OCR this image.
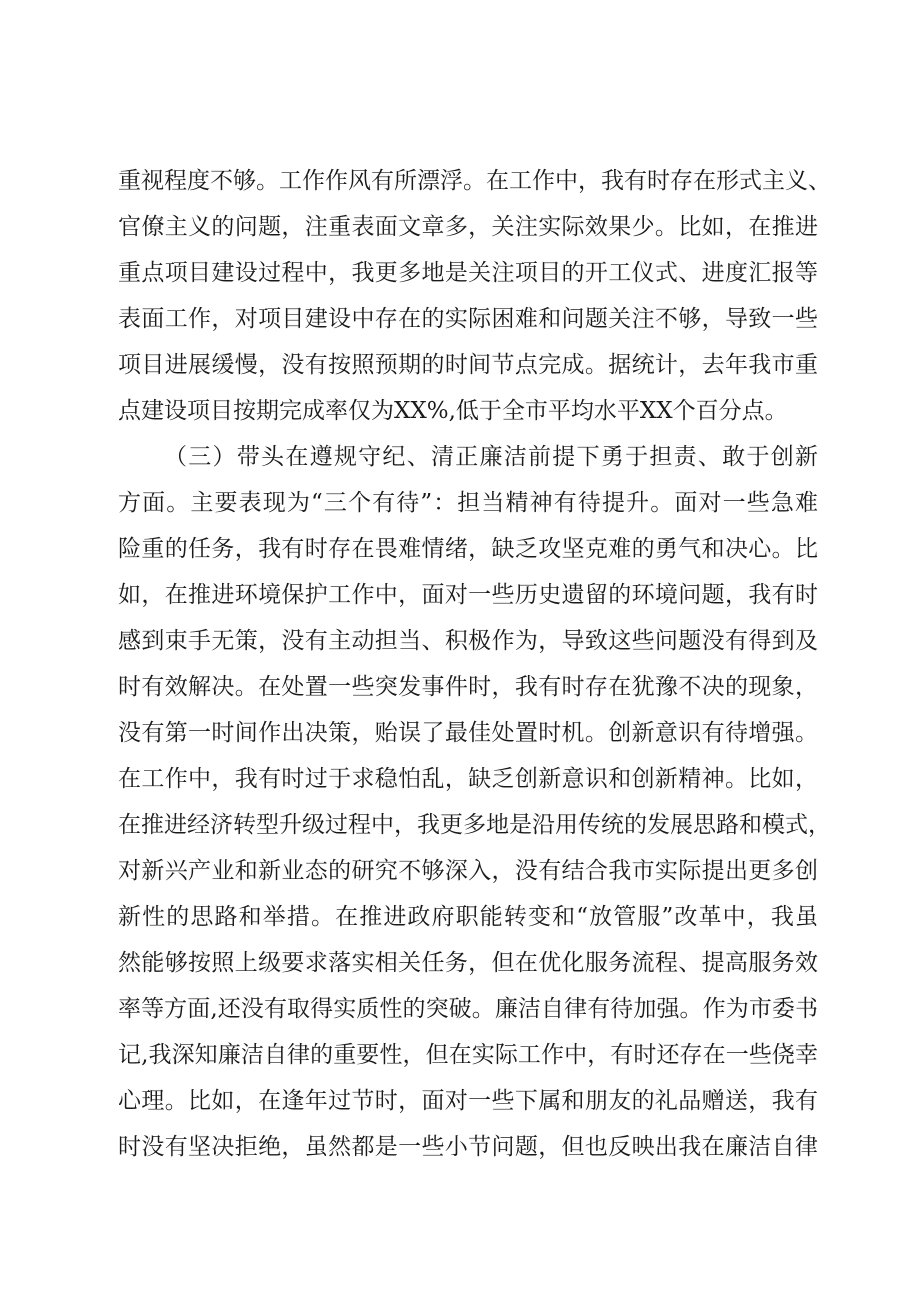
重视程度不够。工作作风有所漂浮。在工作中，我有时存在形式主义、
官僚主义的问题，注重表面文章多，关注实际效果少。比如，在推进
重点项目建设过程中，我更多地是关注项目的开工仪式、进度汇报等
表面工作，对项目建设中存在的实际困难和问题关注不够，导致一些
项目进展缓慢，没有按照预期的时间节点完成。据统计，去年我市重
点建设项目按期完成率仅为XX%,低于全市平均水平XX个百分点。
（三）带头在遵规守纪、清正廉洁前提下勇于担责、敢于创新
方面。主要表现为“三个有待”：担当精神有待提升。面对一些急难
险重的任务，我有时存在畏难情绪，缺乏攻坚克难的勇气和决心。比
如，在推进环境保护工作中，面对一些历史遗留的环境问题，我有时
感到束手无策，没有主动担当、积极作为，导致这些问题没有得到及
时有效解决。在处置一些突发事件时，我有时存在犹豫不决的现象，
没有第一时间作出决策，贻误了最佳处置时机。创新意识有待增强。
在工作中，我有时过于求稳怕乱，缺乏创新意识和创新精神。比如，
在推进经济转型升级过程中，我更多地是沿用传统的发展思路和模式，
对新兴产业和新业态的研究不够深入，没有结合我市实际提出更多创
新性的思路和举措。在推进政府职能转变和“放管服”改革中，我虽
然能够按照上级要求落实相关任务，但在优化服务流程、提高服务效
率等方面,还没有取得实质性的突破。廉洁自律有待加强。作为市委书
记,我深知廉洁自律的重要性，但在实际工作中，有时还存在一些侥幸
心理。比如，在逢年过节时，面对一些下属和朋友的礼品赠送，我有
时没有坚决拒绝，虽然都是一些小节问题，但也反映出我在廉洁自律
